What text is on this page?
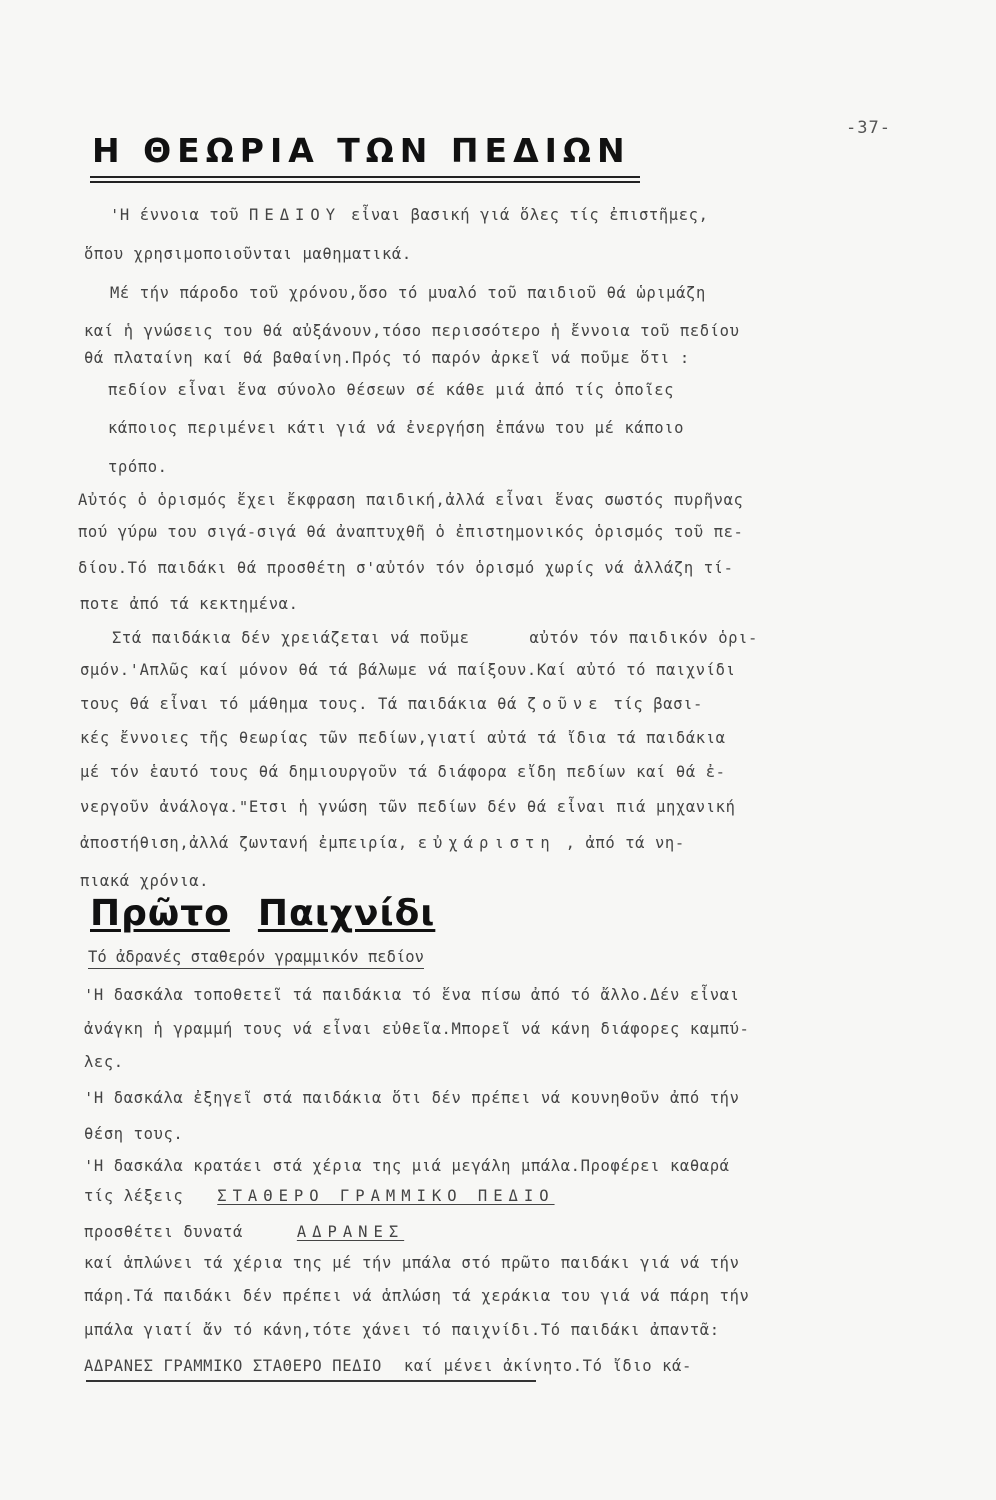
-37-
Η ΘΕΩΡΙΑ ΤΩΝ ΠΕΔΙΩΝ
'Η έννοια τοῦ ΠΕΔΙΟΥ εἶναι βασική γιά ὅλες τίς ἐπιστῆμες,
ὅπου χρησιμοποιοῦνται μαθηματικά.
Μέ τήν πάροδο τοῦ χρόνου,ὅσο τό μυαλό τοῦ παιδιοῦ θά ὡριμάζη
καί ἡ γνώσεις του θά αὐξάνουν,τόσο περισσότερο ἡ ἔννοια τοῦ πεδίου
θά πλαταίνη καί θά βαθαίνη.Πρός τό παρόν ἀρκεῖ νά ποῦμε ὅτι :
πεδίον εἶναι ἕνα σύνολο θέσεων σέ κάθε μιά ἀπό τίς ὁποῖες
κάποιος περιμένει κάτι γιά νά ἐνεργήση ἐπάνω του μέ κάποιο
τρόπο.
Αὐτός ὁ ὁρισμός ἔχει ἔκφραση παιδική,ἀλλά εἶναι ἕνας σωστός πυρῆνας
πού γύρω του σιγά-σιγά θά ἀναπτυχθῆ ὁ ἐπιστημονικός ὁρισμός τοῦ πε-
δίου.Τό παιδάκι θά προσθέτη σ'αὐτόν τόν ὁρισμό χωρίς νά ἀλλάζη τί-
ποτε ἀπό τά κεκτημένα.
Στά παιδάκια δέν χρειάζεται νά ποῦμε	αὐτόν τόν παιδικόν ὁρι-
σμόν.'Απλῶς καί μόνον θά τά βάλωμε νά παίξουν.Καί αὐτό τό παιχνίδι
τους θά εἶναι τό μάθημα τους. Τά παιδάκια θά ζοῦνε τίς βασι-
κές ἔννοιες τῆς θεωρίας τῶν πεδίων,γιατί αὐτά τά ἴδια τά παιδάκια
μέ τόν ἑαυτό τους θά δημιουργοῦν τά διάφορα εἴδη πεδίων καί θά ἐ-
νεργοῦν ἀνάλογα."Ετσι ἡ γνώση τῶν πεδίων δέν θά εἶναι πιά μηχανική
ἀποστήθιση,ἀλλά ζωντανή ἐμπειρία, εὐχάριστη , ἀπό τά νη-
πιακά χρόνια.
Πρῶτο Παιχνίδι
Τό ἀδρανές σταθερόν γραμμικόν πεδίον
'Η δασκάλα τοποθετεῖ τά παιδάκια τό ἕνα πίσω ἀπό τό ἄλλο.Δέν εἶναι
ἀνάγκη ἡ γραμμή τους νά εἶναι εὐθεῖα.Μπορεῖ νά κάνη διάφορες καμπύ-
λες.
'Η δασκάλα ἐξηγεῖ στά παιδάκια ὅτι δέν πρέπει νά κουνηθοῦν ἀπό τήν
θέση τους.
'Η δασκάλα κρατάει στά χέρια της μιά μεγάλη μπάλα.Προφέρει καθαρά
τίς λέξεις ΣΤΑΘΕΡΟ ΓΡΑΜΜΙΚΟ ΠΕΔΙΟ
προσθέτει δυνατά	ΑΔΡΑΝΕΣ
καί ἁπλώνει τά χέρια της μέ τήν μπάλα στό πρῶτο παιδάκι γιά νά τήν
πάρη.Τά παιδάκι δέν πρέπει νά ἁπλώση τά χεράκια του γιά νά πάρη τήν
μπάλα γιατί ἄν τό κάνη,τότε χάνει τό παιχνίδι.Τό παιδάκι ἀπαντᾶ:
ΑΔΡΑΝΕΣ ΓΡΑΜΜΙΚΟ ΣΤΑΘΕΡΟ ΠΕΔΙΟ καί μένει ἀκίνητο.Τό ἴδιο κά-
